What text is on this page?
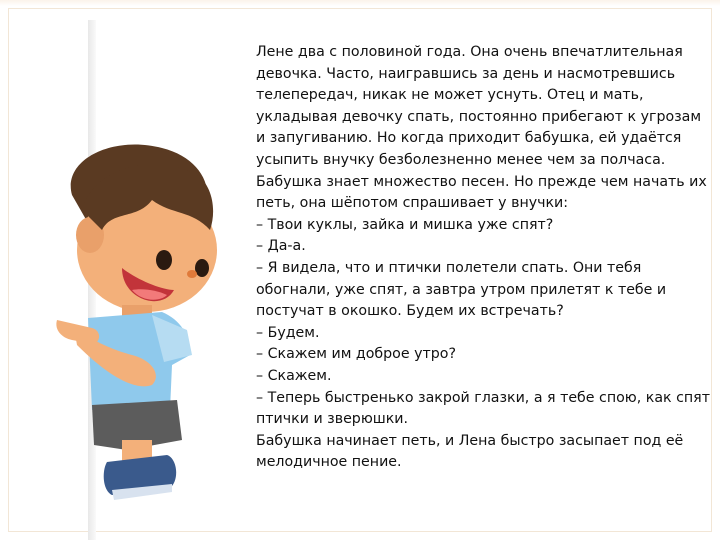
Лене два с половиной года. Она очень впечатлительная

девочка. Часто, наигравшись за день и насмотревшись

телепередач, никак не может уснуть. Отец и мать,

укладывая девочку спать, постоянно прибегают к угрозам

и запугиванию. Но когда приходит бабушка, ей удаётся

усыпить внучку безболезненно менее чем за полчаса.

Бабушка знает множество песен. Но прежде чем начать их

петь, она шёпотом спрашивает у внучки:

– Твои куклы, зайка и мишка уже спят?

– Да-а.

– Я видела, что и птички полетели спать. Они тебя

обогнали, уже спят, а завтра утром прилетят к тебе и

постучат в окошко. Будем их встречать?

– Будем.

– Скажем им доброе утро?

– Скажем.

– Теперь быстренько закрой глазки, а я тебе спою, как спят

птички и зверюшки.

Бабушка начинает петь, и Лена быстро засыпает под её

мелодичное пение.
